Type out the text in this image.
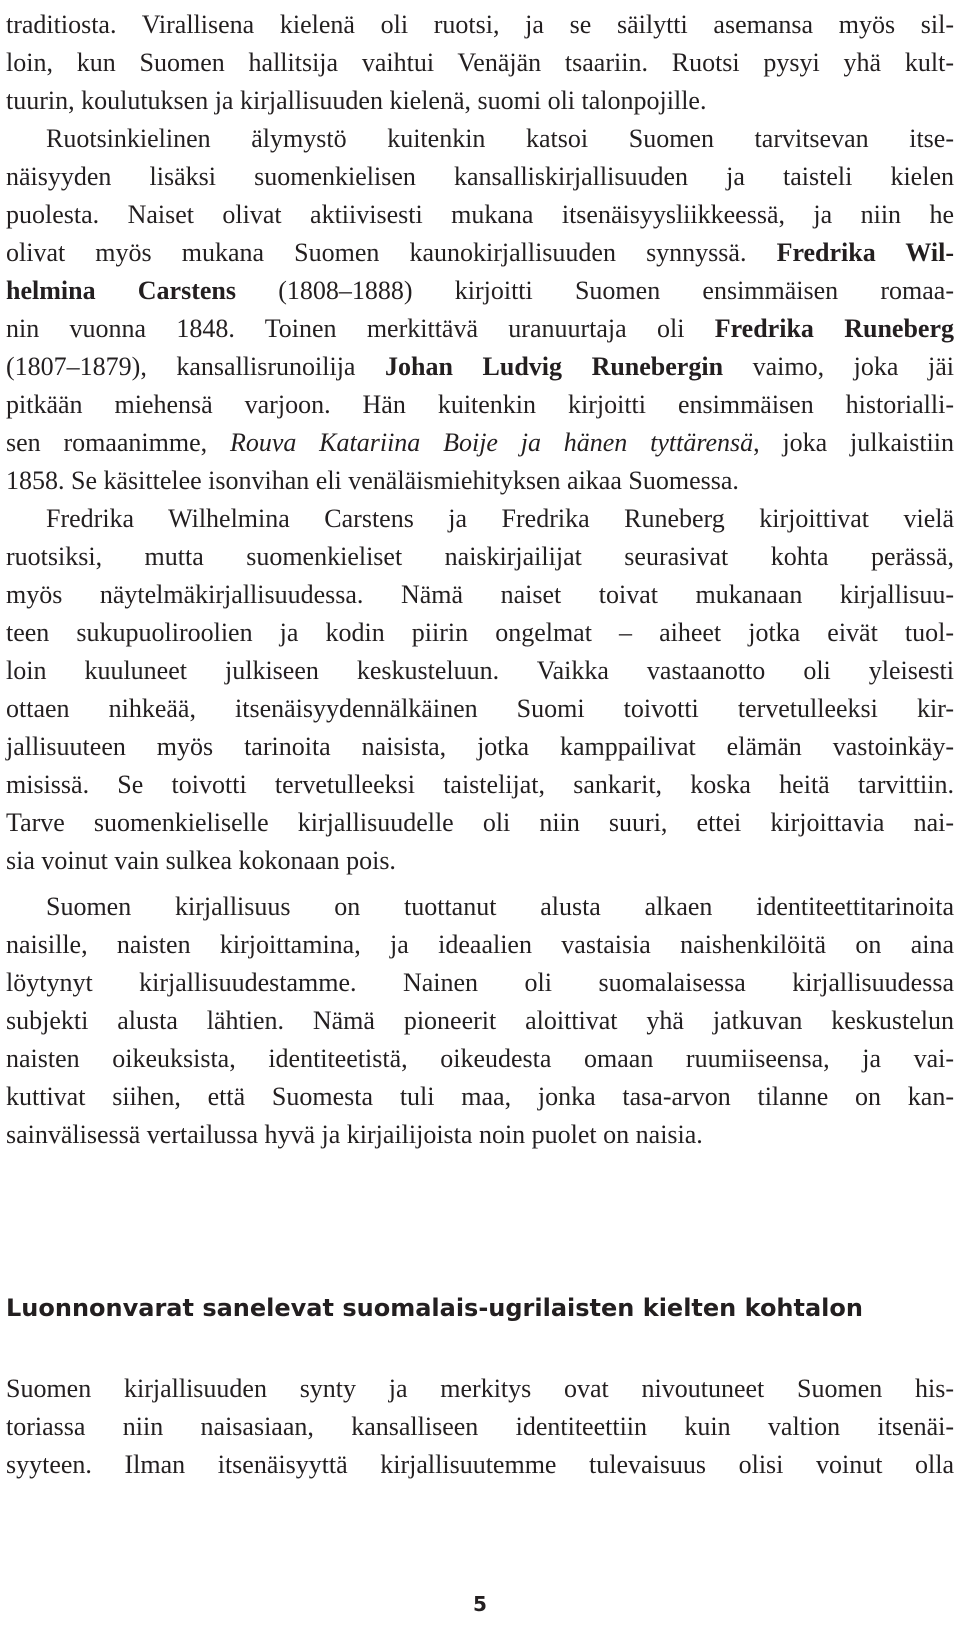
traditiosta. Virallisena kielenä oli ruotsi, ja se säilytti asemansa myös sil-
loin, kun Suomen hallitsija vaihtui Venäjän tsaariin. Ruotsi pysyi yhä kult-
tuurin, koulutuksen ja kirjallisuuden kielenä, suomi oli talonpojille.
Ruotsinkielinen älymystö kuitenkin katsoi Suomen tarvitsevan itse-
näisyyden lisäksi suomenkielisen kansalliskirjallisuuden ja taisteli kielen
puolesta. Naiset olivat aktiivisesti mukana itsenäisyysliikkeessä, ja niin he
olivat myös mukana Suomen kaunokirjallisuuden synnyssä. Fredrika Wil-
helmina Carstens (1808–1888) kirjoitti Suomen ensimmäisen romaa-
nin vuonna 1848. Toinen merkittävä uranuurtaja oli Fredrika Runeberg
(1807–1879), kansallisrunoilija Johan Ludvig Runebergin vaimo, joka jäi
pitkään miehensä varjoon. Hän kuitenkin kirjoitti ensimmäisen historialli-
sen romaanimme, Rouva Katariina Boije ja hänen tyttärensä, joka julkaistiin
1858. Se käsittelee isonvihan eli venäläismiehityksen aikaa Suomessa.
Fredrika Wilhelmina Carstens ja Fredrika Runeberg kirjoittivat vielä
ruotsiksi, mutta suomenkieliset naiskirjailijat seurasivat kohta perässä,
myös näytelmäkirjallisuudessa. Nämä naiset toivat mukanaan kirjallisuu-
teen sukupuoliroolien ja kodin piirin ongelmat – aiheet jotka eivät tuol-
loin kuuluneet julkiseen keskusteluun. Vaikka vastaanotto oli yleisesti
ottaen nihkeää, itsenäisyydennälkäinen Suomi toivotti tervetulleeksi kir-
jallisuuteen myös tarinoita naisista, jotka kamppailivat elämän vastoinkäy-
misissä. Se toivotti tervetulleeksi taistelijat, sankarit, koska heitä tarvittiin.
Tarve suomenkieliselle kirjallisuudelle oli niin suuri, ettei kirjoittavia nai-
sia voinut vain sulkea kokonaan pois.
Suomen kirjallisuus on tuottanut alusta alkaen identiteettitarinoita
naisille, naisten kirjoittamina, ja ideaalien vastaisia naishenkilöitä on aina
löytynyt kirjallisuudestamme. Nainen oli suomalaisessa kirjallisuudessa
subjekti alusta lähtien. Nämä pioneerit aloittivat yhä jatkuvan keskustelun
naisten oikeuksista, identiteetistä, oikeudesta omaan ruumiiseensa, ja vai-
kuttivat siihen, että Suomesta tuli maa, jonka tasa-arvon tilanne on kan-
sainvälisessä vertailussa hyvä ja kirjailijoista noin puolet on naisia.
Luonnonvarat sanelevat suomalais-ugrilaisten kielten kohtalon
Suomen kirjallisuuden synty ja merkitys ovat nivoutuneet Suomen his-
toriassa niin naisasiaan, kansalliseen identiteettiin kuin valtion itsenäi-
syyteen. Ilman itsenäisyyttä kirjallisuutemme tulevaisuus olisi voinut olla
5
